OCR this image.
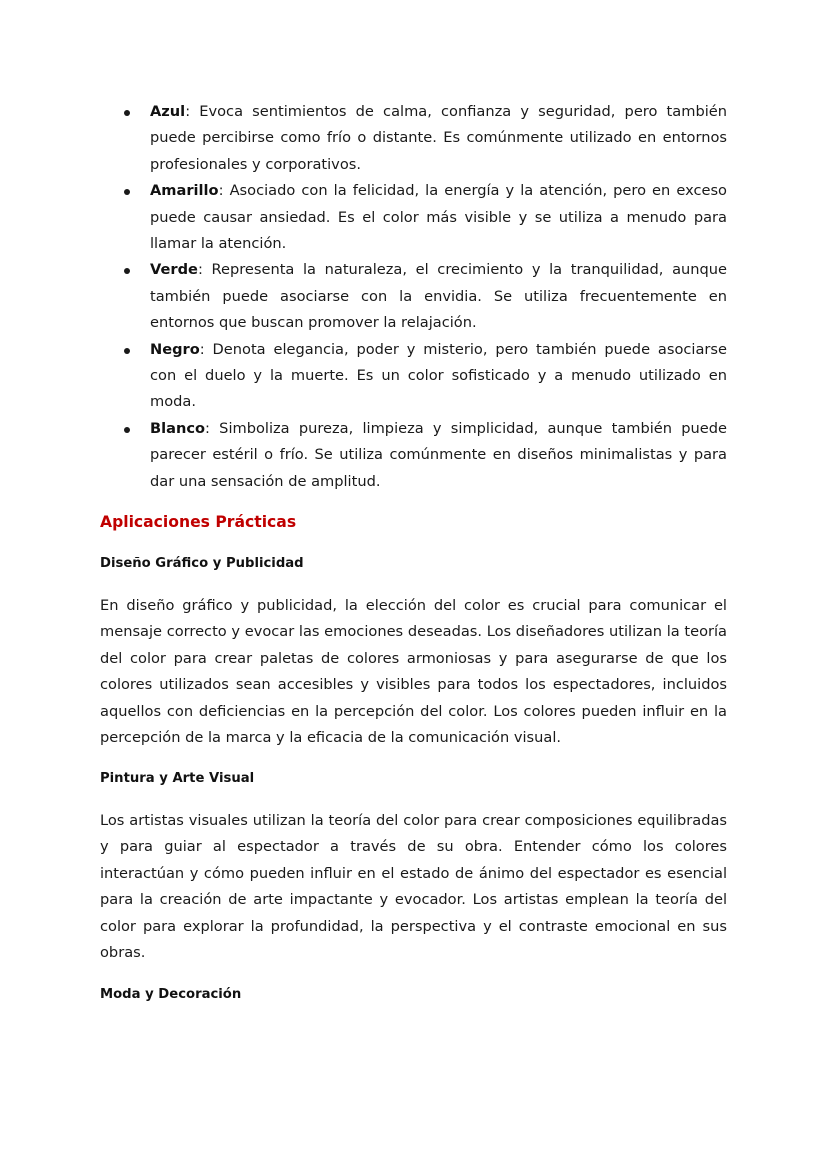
Azul: Evoca sentimientos de calma, confianza y seguridad, pero también puede percibirse como frío o distante. Es comúnmente utilizado en entornos profesionales y corporativos.
Amarillo: Asociado con la felicidad, la energía y la atención, pero en exceso puede causar ansiedad. Es el color más visible y se utiliza a menudo para llamar la atención.
Verde: Representa la naturaleza, el crecimiento y la tranquilidad, aunque también puede asociarse con la envidia. Se utiliza frecuentemente en entornos que buscan promover la relajación.
Negro: Denota elegancia, poder y misterio, pero también puede asociarse con el duelo y la muerte. Es un color sofisticado y a menudo utilizado en moda.
Blanco: Simboliza pureza, limpieza y simplicidad, aunque también puede parecer estéril o frío. Se utiliza comúnmente en diseños minimalistas y para dar una sensación de amplitud.
Aplicaciones Prácticas
Diseño Gráfico y Publicidad
En diseño gráfico y publicidad, la elección del color es crucial para comunicar el mensaje correcto y evocar las emociones deseadas. Los diseñadores utilizan la teoría del color para crear paletas de colores armoniosas y para asegurarse de que los colores utilizados sean accesibles y visibles para todos los espectadores, incluidos aquellos con deficiencias en la percepción del color. Los colores pueden influir en la percepción de la marca y la eficacia de la comunicación visual.
Pintura y Arte Visual
Los artistas visuales utilizan la teoría del color para crear composiciones equilibradas y para guiar al espectador a través de su obra. Entender cómo los colores interactúan y cómo pueden influir en el estado de ánimo del espectador es esencial para la creación de arte impactante y evocador. Los artistas emplean la teoría del color para explorar la profundidad, la perspectiva y el contraste emocional en sus obras.
Moda y Decoración
